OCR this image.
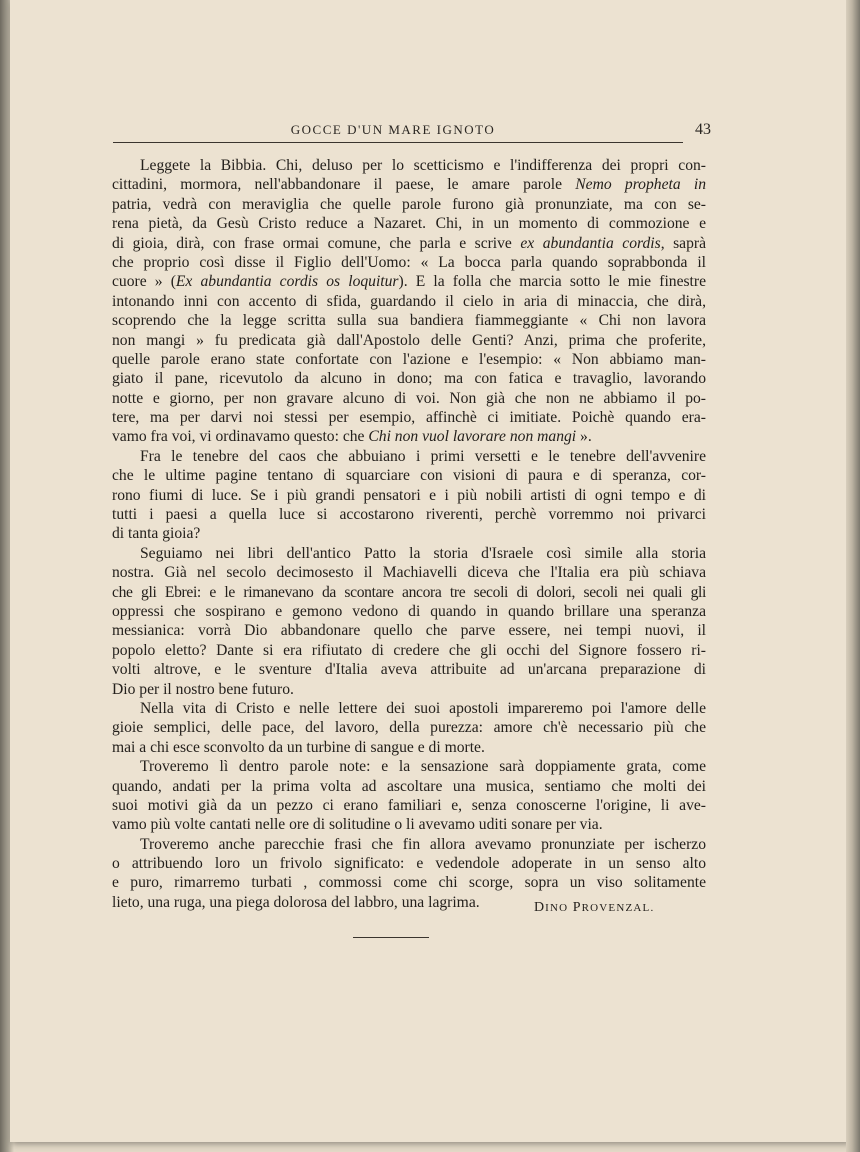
GOCCE D'UN MARE IGNOTO	43
Leggete la Bibbia. Chi, deluso per lo scetticismo e l'indifferenza dei propri con-
cittadini, mormora, nell'abbandonare il paese, le amare parole Nemo propheta in
patria, vedrà con meraviglia che quelle parole furono già pronunziate, ma con se-
rena pietà, da Gesù Cristo reduce a Nazaret. Chi, in un momento di commozione e
di gioia, dirà, con frase ormai comune, che parla e scrive ex abundantia cordis, saprà
che proprio così disse il Figlio dell'Uomo: « La bocca parla quando soprabbonda il
cuore » (Ex abundantia cordis os loquitur). E la folla che marcia sotto le mie finestre
intonando inni con accento di sfida, guardando il cielo in aria di minaccia, che dirà,
scoprendo che la legge scritta sulla sua bandiera fiammeggiante « Chi non lavora
non mangi » fu predicata già dall'Apostolo delle Genti? Anzi, prima che proferite,
quelle parole erano state confortate con l'azione e l'esempio: « Non abbiamo man-
giato il pane, ricevutolo da alcuno in dono; ma con fatica e travaglio, lavorando
notte e giorno, per non gravare alcuno di voi. Non già che non ne abbiamo il po-
tere, ma per darvi noi stessi per esempio, affinchè ci imitiate. Poichè quando era-
vamo fra voi, vi ordinavamo questo: che Chi non vuol lavorare non mangi ».
Fra le tenebre del caos che abbuiano i primi versetti e le tenebre dell'avvenire
che le ultime pagine tentano di squarciare con visioni di paura e di speranza, cor-
rono fiumi di luce. Se i più grandi pensatori e i più nobili artisti di ogni tempo e di
tutti i paesi a quella luce si accostarono riverenti, perchè vorremmo noi privarci
di tanta gioia?
Seguiamo nei libri dell'antico Patto la storia d'Israele così simile alla storia
nostra. Già nel secolo decimosesto il Machiavelli diceva che l'Italia era più schiava
che gli Ebrei: e le rimanevano da scontare ancora tre secoli di dolori, secoli nei quali gli
oppressi che sospirano e gemono vedono di quando in quando brillare una speranza
messianica: vorrà Dio abbandonare quello che parve essere, nei tempi nuovi, il
popolo eletto? Dante si era rifiutato di credere che gli occhi del Signore fossero ri-
volti altrove, e le sventure d'Italia aveva attribuite ad un'arcana preparazione di
Dio per il nostro bene futuro.
Nella vita di Cristo e nelle lettere dei suoi apostoli impareremo poi l'amore delle
gioie semplici, delle pace, del lavoro, della purezza: amore ch'è necessario più che
mai a chi esce sconvolto da un turbine di sangue e di morte.
Troveremo lì dentro parole note: e la sensazione sarà doppiamente grata, come
quando, andati per la prima volta ad ascoltare una musica, sentiamo che molti dei
suoi motivi già da un pezzo ci erano familiari e, senza conoscerne l'origine, li ave-
vamo più volte cantati nelle ore di solitudine o li avevamo uditi sonare per via.
Troveremo anche parecchie frasi che fin allora avevamo pronunziate per ischerzo
o attribuendo loro un frivolo significato: e vedendole adoperate in un senso alto
e puro, rimarremo turbati , commossi come chi scorge, sopra un viso solitamente
lieto, una ruga, una piega dolorosa del labbro, una lagrima.	DINO PROVENZAL.
